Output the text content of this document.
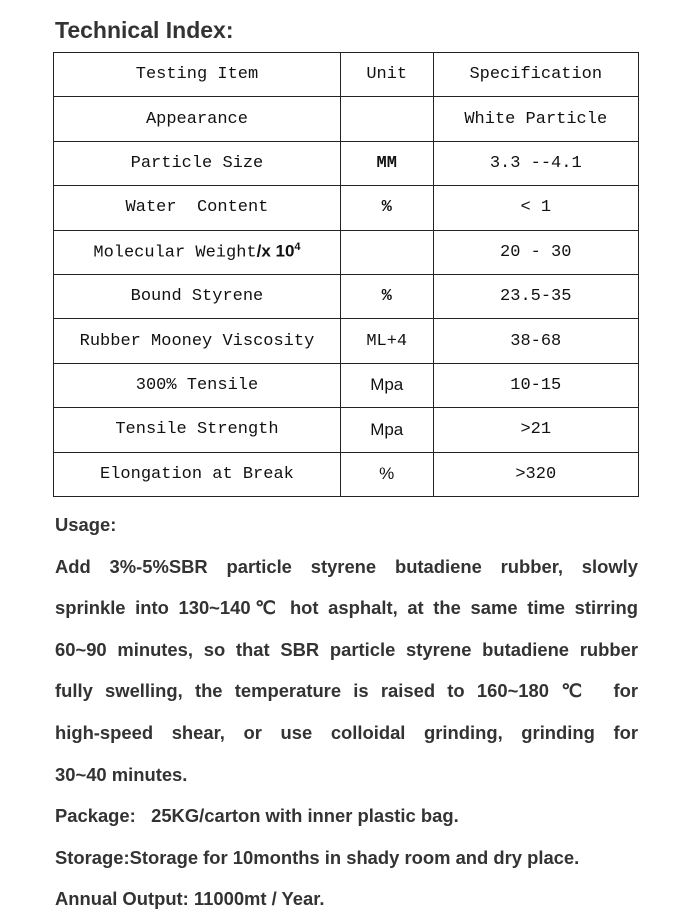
Technical Index:
Testing Item	Unit	Specification
Appearance		White Particle
Particle Size	MM	3.3 --4.1
Water  Content	%	< 1
Molecular Weight/x $10^4$		20 - 30
Bound Styrene	%	23.5-35
Rubber Mooney Viscosity	ML+4	38-68
300% Tensile	Mpa	10-15
Tensile Strength	Mpa	>21
Elongation at Break	%	>320

Usage:

Add 3%-5%SBR particle styrene butadiene rubber, slowly

sprinkle into 130~140℃ hot asphalt, at the same time stirring

60~90 minutes, so that SBR particle styrene butadiene rubber

fully swelling, the temperature is raised to 160~180 ℃  for

high-speed shear, or use colloidal grinding, grinding for

30~40 minutes.

Package:   25KG/carton with inner plastic bag.

Storage:Storage for 10months in shady room and dry place.

Annual Output: 11000mt / Year.
